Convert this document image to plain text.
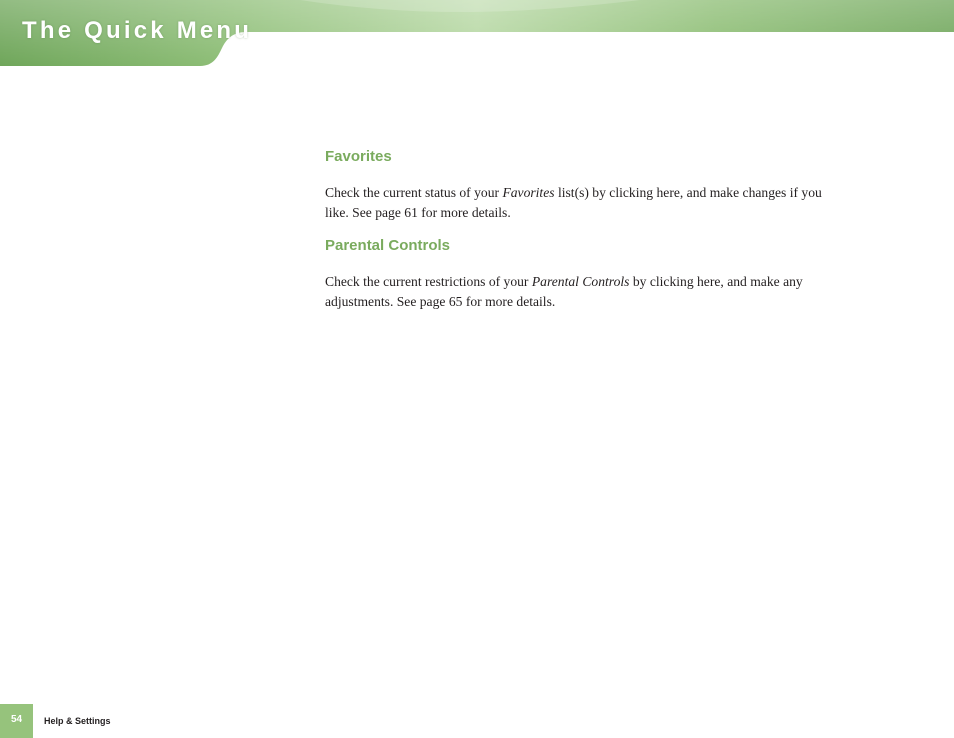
The Quick Menu
Favorites

Check the current status of your Favorites list(s) by clicking here, and make changes if you like. See page 61 for more details.

Parental Controls

Check the current restrictions of your Parental Controls by clicking here, and make any adjustments. See page 65 for more details.

54	Help & Settings
